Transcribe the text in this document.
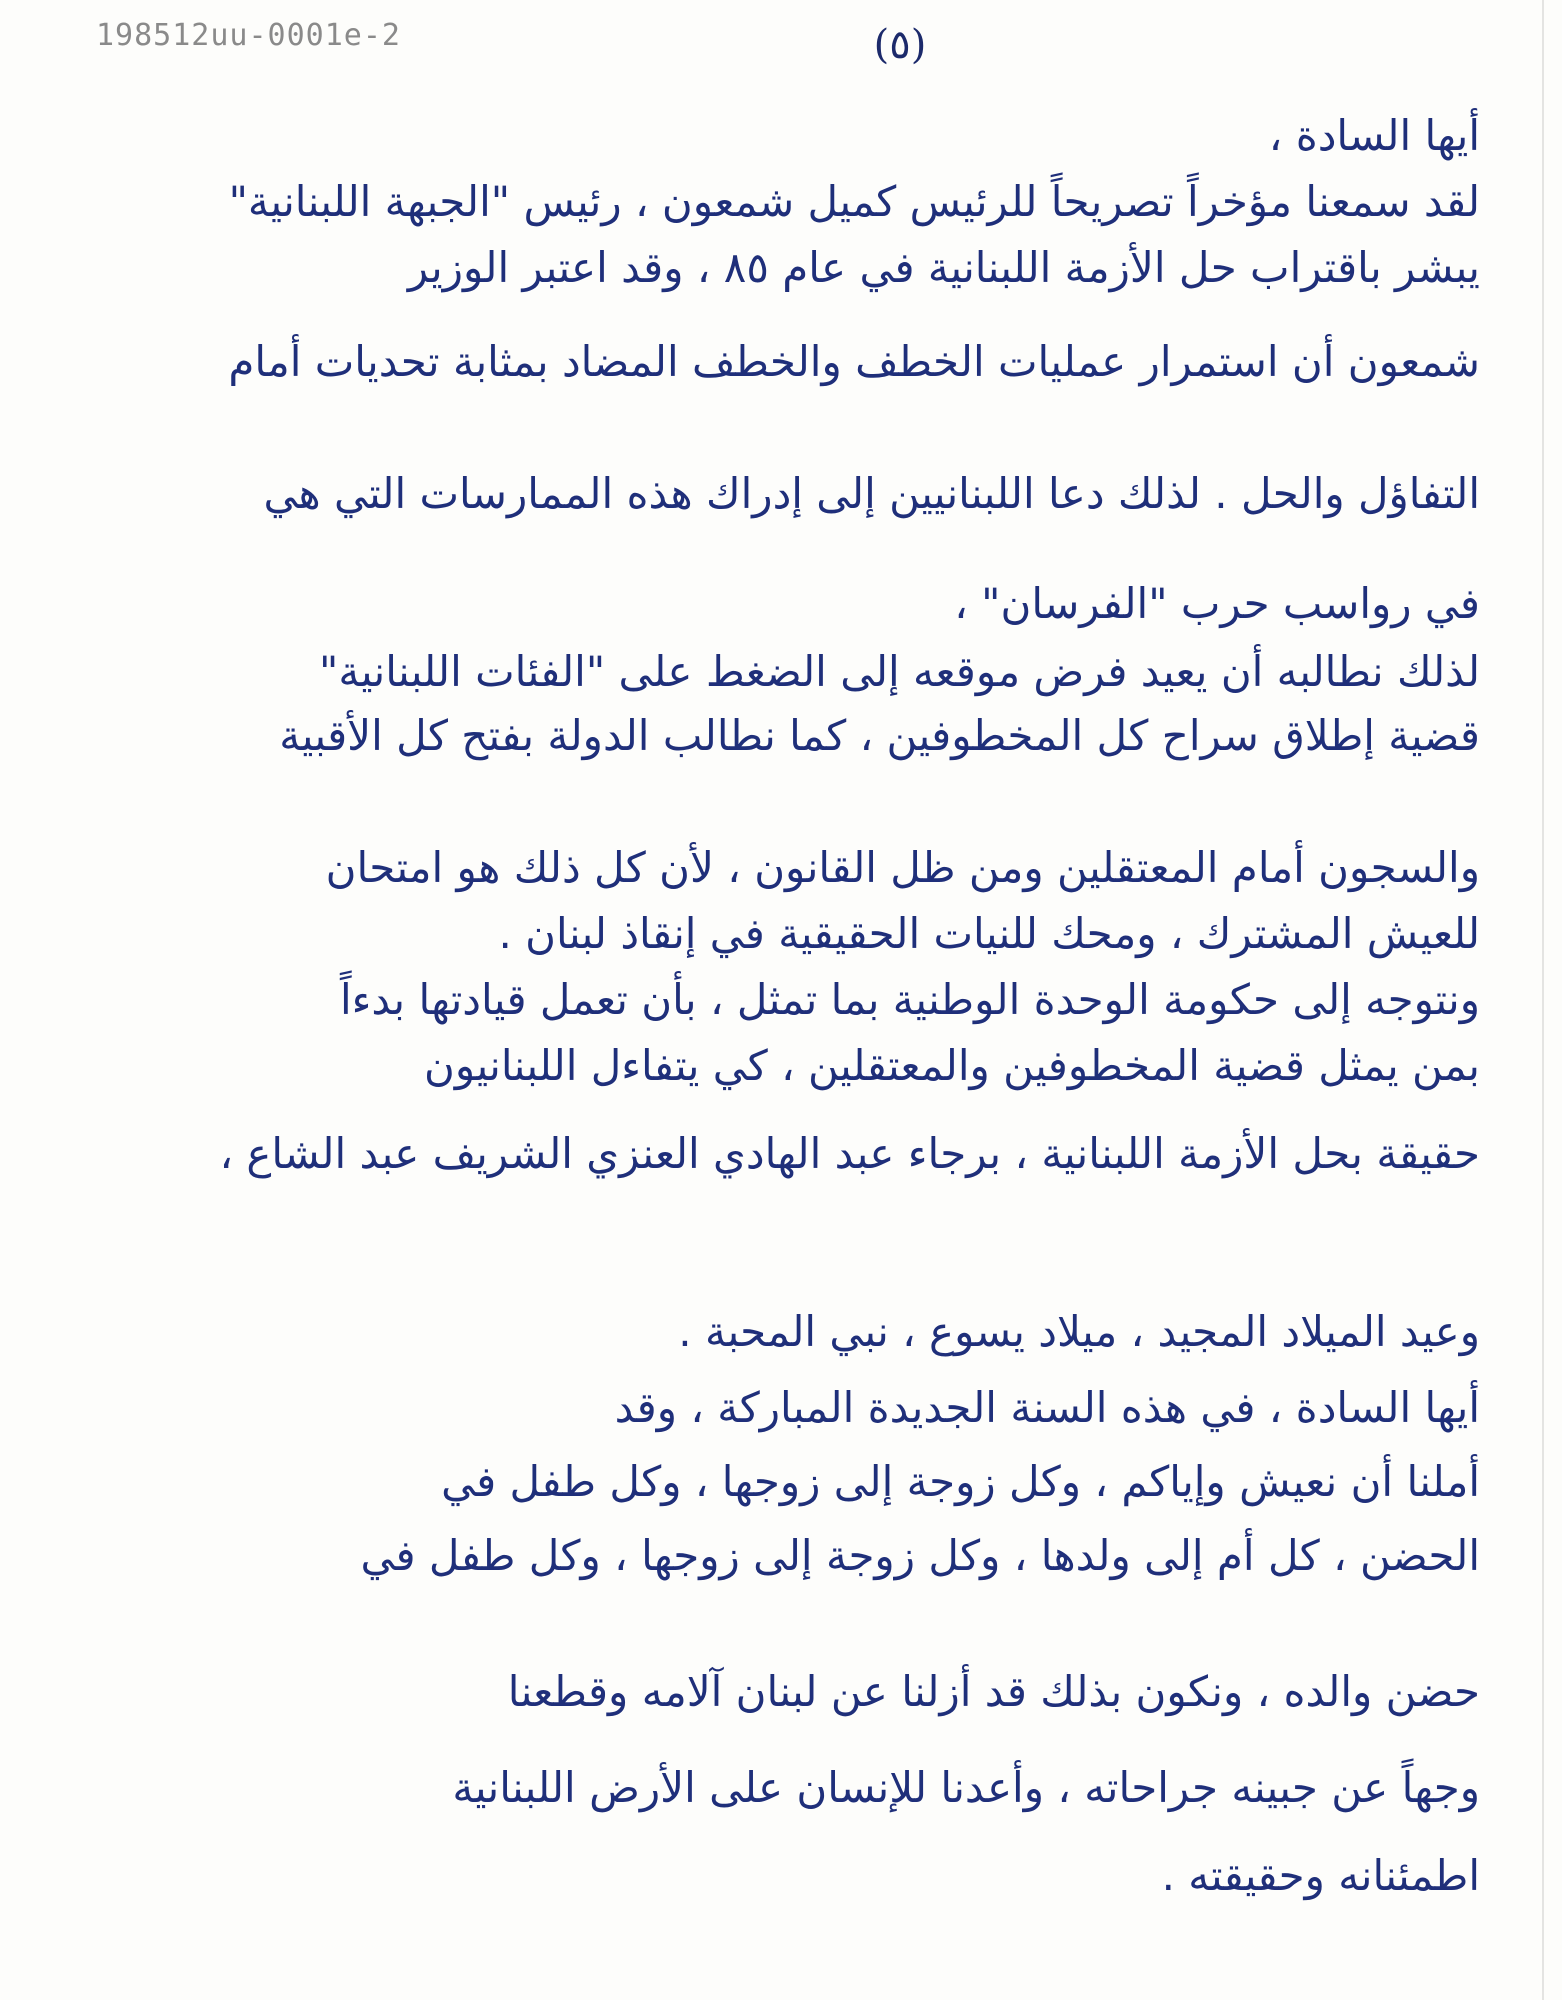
198512uu-0001e-2	(٥)
أيها السادة ،
لقد سمعنا مؤخراً تصريحاً للرئيس كميل شمعون ، رئيس "الجبهة اللبنانية"
يبشر باقتراب حل الأزمة اللبنانية في عام ٨٥ ، وقد اعتبر الوزير
شمعون أن استمرار عمليات الخطف والخطف المضاد بمثابة تحديات أمام
التفاؤل والحل . لذلك دعا اللبنانيين إلى إدراك هذه الممارسات التي هي
في رواسب حرب "الفرسان" ،
لذلك نطالبه أن يعيد فرض موقعه إلى الضغط على "الفئات اللبنانية"
قضية إطلاق سراح كل المخطوفين ، كما نطالب الدولة بفتح كل الأقبية
والسجون أمام المعتقلين ومن ظل القانون ، لأن كل ذلك هو امتحان
للعيش المشترك ، ومحك للنيات الحقيقية في إنقاذ لبنان .
ونتوجه إلى حكومة الوحدة الوطنية بما تمثل ، بأن تعمل قيادتها بدءاً
بمن يمثل قضية المخطوفين والمعتقلين ، كي يتفاءل اللبنانيون
حقيقة بحل الأزمة اللبنانية ، برجاء عبد الهادي العنزي الشريف عبد الشاع ،
وعيد الميلاد المجيد ، ميلاد يسوع ، نبي المحبة .
أيها السادة ، في هذه السنة الجديدة المباركة ، وقد
أملنا أن نعيش وإياكم ، وكل زوجة إلى زوجها ، وكل طفل في
الحضن ، كل أم إلى ولدها ، وكل زوجة إلى زوجها ، وكل طفل في
حضن والده ، ونكون بذلك قد أزلنا عن لبنان آلامه وقطعنا
وجهاً عن جبينه جراحاته ، وأعدنا للإنسان على الأرض اللبنانية
اطمئنانه وحقيقته .
